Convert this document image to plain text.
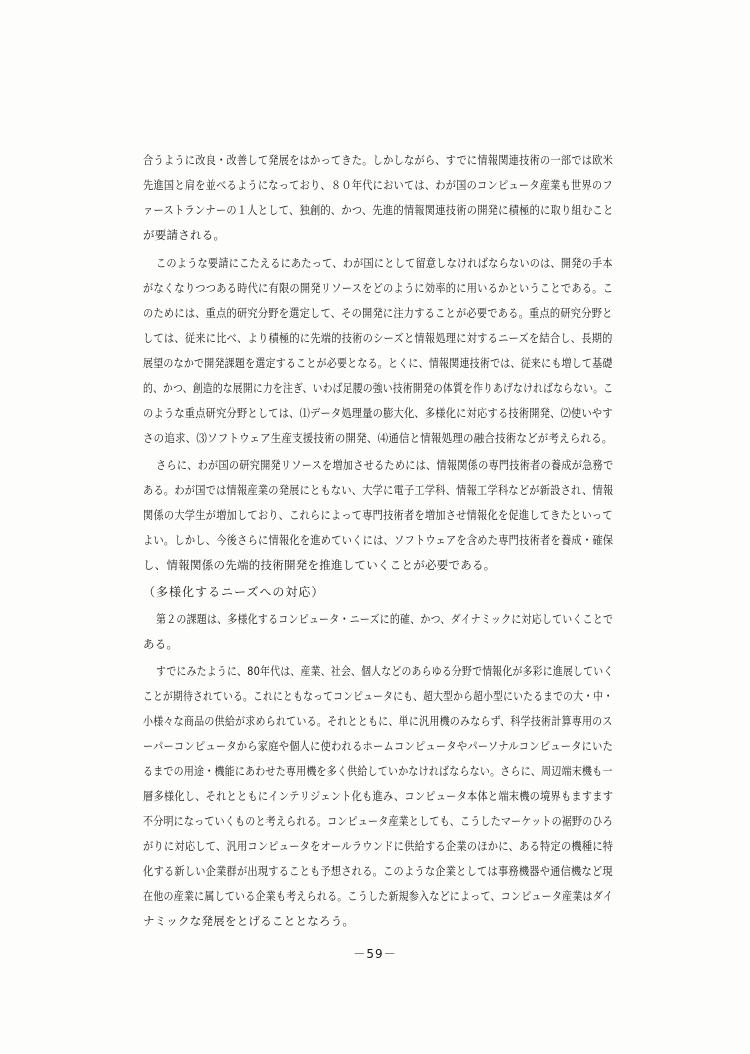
合うように改良・改善して発展をはかってきた。しかしながら、すでに情報関連技術の一部では欧米
先進国と肩を並べるようになっており、８０年代においては、わが国のコンピュータ産業も世界のフ
ァーストランナーの１人として、独創的、かつ、先進的情報関連技術の開発に積極的に取り組むこと
が要請される。
このような要請にこたえるにあたって、わが国にとして留意しなければならないのは、開発の手本
がなくなりつつある時代に有限の開発リソースをどのように効率的に用いるかということである。こ
のためには、重点的研究分野を選定して、その開発に注力することが必要である。重点的研究分野と
しては、従来に比べ、より積極的に先端的技術のシーズと情報処理に対するニーズを結合し、長期的
展望のなかで開発課題を選定することが必要となる。とくに、情報関連技術では、従来にも増して基礎
的、かつ、創造的な展開に力を注ぎ、いわば足腰の強い技術開発の体質を作りあげなければならない。こ
のような重点研究分野としては、⑴データ処理量の膨大化、多様化に対応する技術開発、⑵使いやす
さの追求、⑶ソフトウェア生産支援技術の開発、⑷通信と情報処理の融合技術などが考えられる。
さらに、わが国の研究開発リソースを増加させるためには、情報関係の専門技術者の養成が急務で
ある。わが国では情報産業の発展にともない、大学に電子工学科、情報工学科などが新設され、情報
関係の大学生が増加しており、これらによって専門技術者を増加させ情報化を促進してきたといって
よい。しかし、今後さらに情報化を進めていくには、ソフトウェアを含めた専門技術者を養成・確保
し、情報関係の先端的技術開発を推進していくことが必要である。
（多様化するニーズへの対応）
第２の課題は、多様化するコンピュータ・ニーズに的確、かつ、ダイナミックに対応していくことで
ある。
すでにみたように、80年代は、産業、社会、個人などのあらゆる分野で情報化が多彩に進展していく
ことが期待されている。これにともなってコンピュータにも、超大型から超小型にいたるまでの大・中・
小様々な商品の供給が求められている。それとともに、単に汎用機のみならず、科学技術計算専用のス
ーパーコンピュータから家庭や個人に使われるホームコンピュータやパーソナルコンピュータにいた
るまでの用途・機能にあわせた専用機を多く供給していかなければならない。さらに、周辺端末機も一
層多様化し、それとともにインテリジェント化も進み、コンピュータ本体と端末機の境界もますます
不分明になっていくものと考えられる。コンピュータ産業としても、こうしたマーケットの裾野のひろ
がりに対応して、汎用コンピュータをオールラウンドに供給する企業のほかに、ある特定の機種に特
化する新しい企業群が出現することも予想される。このような企業としては事務機器や通信機など現
在他の産業に属している企業も考えられる。こうした新規参入などによって、コンピュータ産業はダイ
ナミックな発展をとげることとなろう。
－59－
